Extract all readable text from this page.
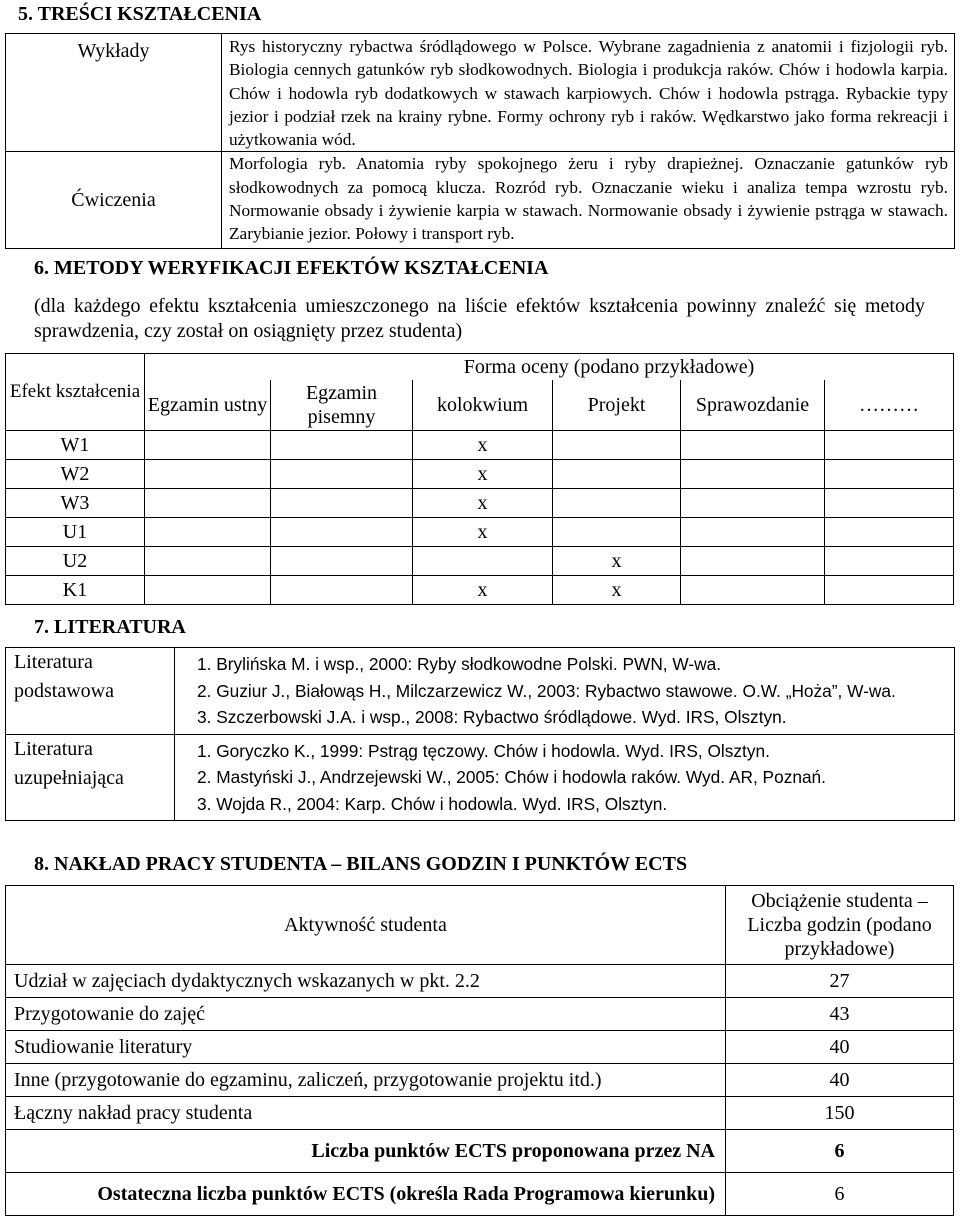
5. TREŚCI KSZTAŁCENIA
Wykłady	Rys historyczny rybactwa śródlądowego w Polsce. Wybrane zagadnienia z anatomii i fizjologii ryb. Biologia cennych gatunków ryb słodkowodnych. Biologia i produkcja raków. Chów i hodowla karpia. Chów i hodowla ryb dodatkowych w stawach karpiowych. Chów i hodowla pstrąga. Rybackie typy jezior i podział rzek na krainy rybne. Formy ochrony ryb i raków. Wędkarstwo jako forma rekreacji i użytkowania wód.
Ćwiczenia	Morfologia ryb. Anatomia ryby spokojnego żeru i ryby drapieżnej. Oznaczanie gatunków ryb słodkowodnych za pomocą klucza. Rozród ryb. Oznaczanie wieku i analiza tempa wzrostu ryb. Normowanie obsady i żywienie karpia w stawach. Normowanie obsady i żywienie pstrąga w stawach. Zarybianie jezior. Połowy i transport ryb.
6. METODY WERYFIKACJI EFEKTÓW KSZTAŁCENIA

(dla każdego efektu kształcenia umieszczonego na liście efektów kształcenia powinny znaleźć się metody sprawdzenia, czy został on osiągnięty przez studenta)

Efekt kształcenia	Forma oceny (podano przykładowe)					
	Egzamin ustny	Egzamin pisemny	kolokwium	Projekt	Sprawozdanie	………
W1			x			
W2			x			
W3			x			
U1			x			
U2				x		
K1			x	x		
7. LITERATURA
Literatura podstawowa	1. Brylińska M. i wsp., 2000: Ryby słodkowodne Polski. PWN, W-wa.
2. Guziur J., Białowąs H., Milczarzewicz W., 2003: Rybactwo stawowe. O.W. „Hoża”, W-wa.
3. Szczerbowski J.A. i wsp., 2008: Rybactwo śródlądowe. Wyd. IRS, Olsztyn.

Literatura uzupełniająca	1. Goryczko K., 1999: Pstrąg tęczowy. Chów i hodowla. Wyd. IRS, Olsztyn.
2. Mastyński J., Andrzejewski W., 2005: Chów i hodowla raków. Wyd. AR, Poznań.
3. Wojda R., 2004: Karp. Chów i hodowla. Wyd. IRS, Olsztyn.
8. NAKŁAD PRACY STUDENTA – BILANS GODZIN I PUNKTÓW ECTS
Aktywność studenta	Obciążenie studenta – Liczba godzin (podano przykładowe)
Udział w zajęciach dydaktycznych wskazanych w pkt. 2.2	27
Przygotowanie do zajęć	43
Studiowanie literatury	40
Inne (przygotowanie do egzaminu, zaliczeń, przygotowanie projektu itd.)	40
Łączny nakład pracy studenta	150
Liczba punktów ECTS proponowana przez NA	6
Ostateczna liczba punktów ECTS (określa Rada Programowa kierunku)	6
